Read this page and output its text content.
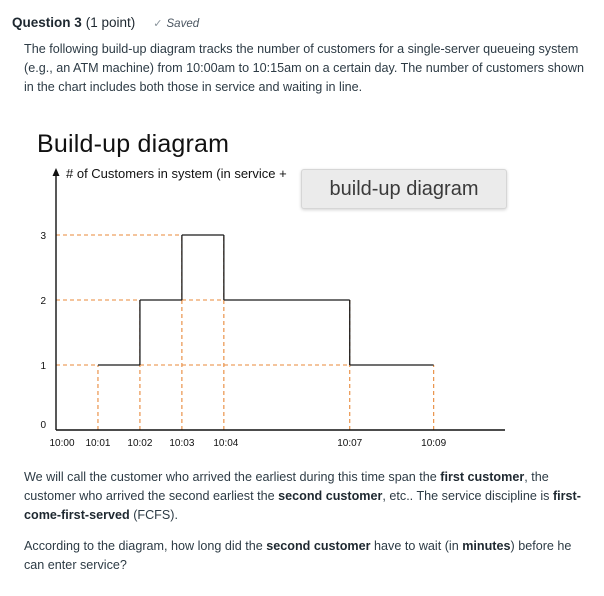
Question 3 (1 point) ✓ Saved
The following build-up diagram tracks the number of customers for a single-server queueing system (e.g., an ATM machine) from 10:00am to 10:15am on a certain day. The number of customers shown in the chart includes both those in service and waiting in line.
Build-up diagram
0
1
2
3
10:00 10:01 10:02 10:03 10:04	10:07	10:09
# of Customers in system (in service +
build-up diagram
We will call the customer who arrived the earliest during this time span the first customer, the customer who arrived the second earliest the second customer, etc.. The service discipline is first-come-first-served (FCFS).
According to the diagram, how long did the second customer have to wait (in minutes) before he can enter service?
